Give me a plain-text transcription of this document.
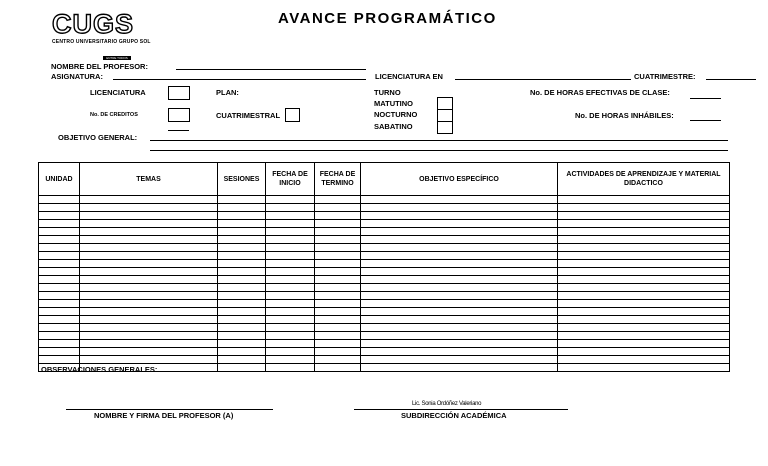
CUGS
CENTRO UNIVERSITARIO GRUPO SOL
ENTRE TODOS
AVANCE PROGRAMÁTICO
NOMBRE DEL PROFESOR:
ASIGNATURA:	LICENCIATURA EN	CUATRIMESTRE:
LICENCIATURA
No. DE CREDITOS
PLAN:
CUATRIMESTRAL
TURNO
MATUTINO
NOCTURNO
SABATINO
No. DE HORAS EFECTIVAS DE CLASE:
No. DE HORAS INHÁBILES:
OBJETIVO GENERAL:
UNIDAD	TEMAS	SESIONES	FECHA DE INICIO	FECHA DE TERMINO	OBJETIVO ESPECÍFICO	ACTIVIDADES DE APRENDIZAJE Y MATERIAL DIDACTICO

OBSERVACIONES GENERALES:
NOMBRE Y FIRMA DEL PROFESOR (A)
Lic. Sonia Ordóñez Valeriano
SUBDIRECCIÓN ACADÉMICA
